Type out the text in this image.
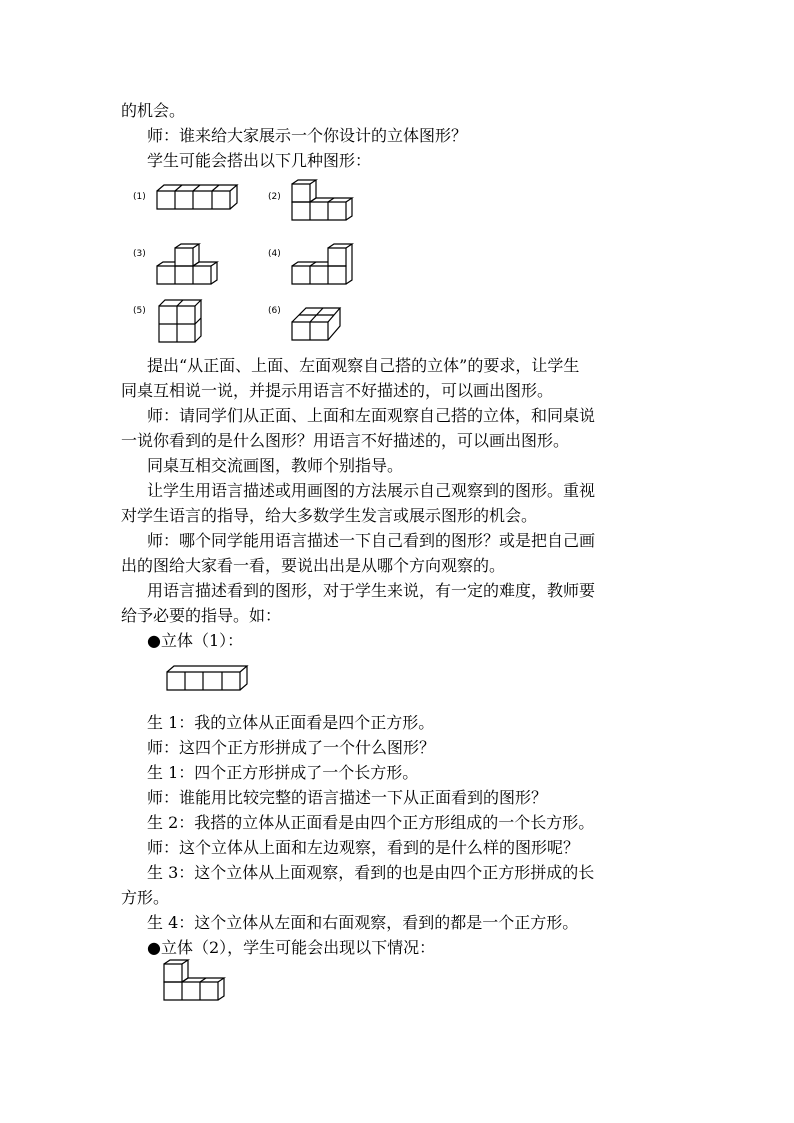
的机会。
师：谁来给大家展示一个你设计的立体图形？
学生可能会搭出以下几种图形：
(1)	(2)
(3)	(4)
(5)	(6)
提出“从正面、上面、左面观察自己搭的立体”的要求，让学生
同桌互相说一说，并提示用语言不好描述的，可以画出图形。
师：请同学们从正面、上面和左面观察自己搭的立体，和同桌说
一说你看到的是什么图形？用语言不好描述的，可以画出图形。
同桌互相交流画图，教师个别指导。
让学生用语言描述或用画图的方法展示自己观察到的图形。重视
对学生语言的指导，给大多数学生发言或展示图形的机会。
师：哪个同学能用语言描述一下自己看到的图形？或是把自己画
出的图给大家看一看，要说出出是从哪个方向观察的。
用语言描述看到的图形，对于学生来说，有一定的难度，教师要
给予必要的指导。如：
●立体（1）：
生 1：我的立体从正面看是四个正方形。
师：这四个正方形拼成了一个什么图形？
生 1：四个正方形拼成了一个长方形。
师：谁能用比较完整的语言描述一下从正面看到的图形？
生 2：我搭的立体从正面看是由四个正方形组成的一个长方形。
师：这个立体从上面和左边观察，看到的是什么样的图形呢？
生 3：这个立体从上面观察，看到的也是由四个正方形拼成的长
方形。
生 4：这个立体从左面和右面观察，看到的都是一个正方形。
●立体（2），学生可能会出现以下情况：
